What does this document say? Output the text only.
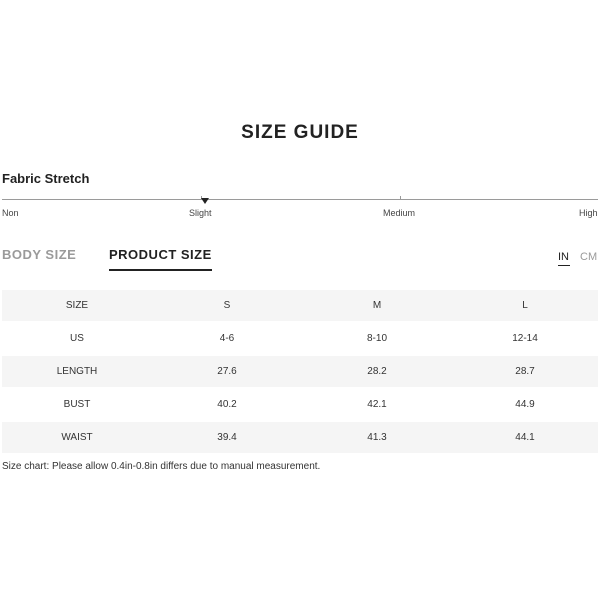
SIZE GUIDE
Fabric Stretch
Non	Slight	Medium	High
BODY SIZE	PRODUCT SIZE	IN CM
SIZE	S	M	L
US	4-6	8-10	12-14
LENGTH	27.6	28.2	28.7
BUST	40.2	42.1	44.9
WAIST	39.4	41.3	44.1
Size chart: Please allow 0.4in-0.8in differs due to manual measurement.
